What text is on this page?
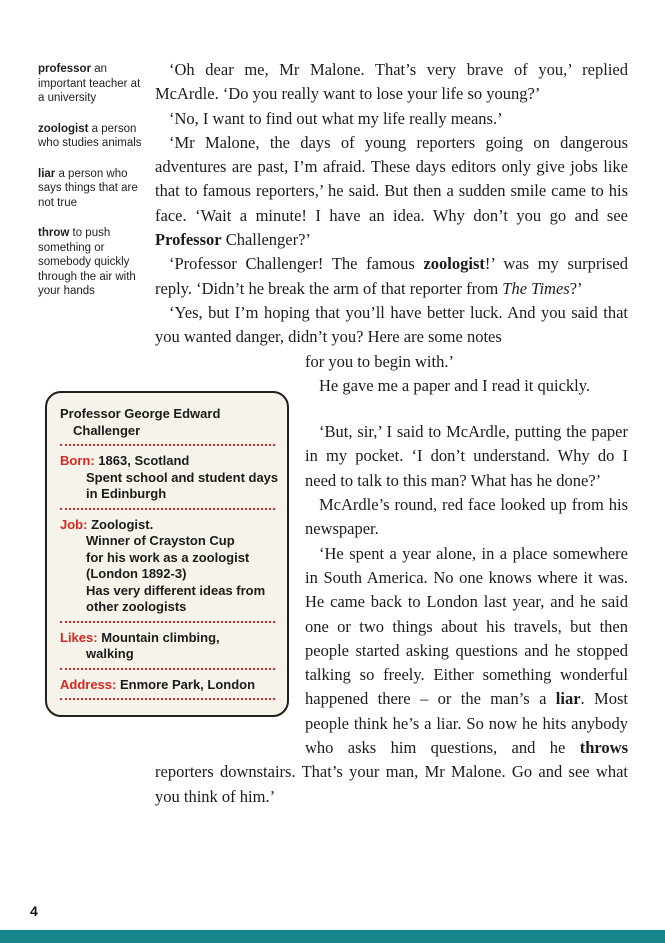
professor an important teacher at a university
zoologist a person who studies animals
liar a person who says things that are not true
throw to push something or somebody quickly through the air with your hands

‘Oh dear me, Mr Malone. That’s very brave of you,’ replied McArdle. ‘Do you really want to lose your life so young?’

‘No, I want to find out what my life really means.’

‘Mr Malone, the days of young reporters going on dangerous adventures are past, I’m afraid. These days editors only give jobs like that to famous reporters,’ he said. But then a sudden smile came to his face. ‘Wait a minute! I have an idea. Why don’t you go and see Professor Challenger?’

‘Professor Challenger! The famous zoologist!’ was my surprised reply. ‘Didn’t he break the arm of that reporter from The Times?’

‘Yes, but I’m hoping that you’ll have better luck. And you said that you wanted danger, didn’t you? Here are some notes

for you to begin with.’

He gave me a paper and I read it quickly.

‘But, sir,’ I said to McArdle, putting the paper in my pocket. ‘I don’t understand. Why do I need to talk to this man? What has he done?’

McArdle’s round, red face looked up from his newspaper.

‘He spent a year alone, in a place somewhere in South America. No one knows where it was. He came back to London last year, and he said one or two things about his travels, but then people started asking questions and he stopped talking so freely. Either something wonderful happened there – or the man’s a liar. Most people think he’s a liar. So now he hits anybody who asks him questions, and he throws reporters downstairs. That’s your man, Mr Malone. Go and see what you think of him.’

Professor George Edward
Challenger
Born: 1863, Scotland
Spent school and student days
in Edinburgh
Job: Zoologist.
Winner of Crayston Cup
for his work as a zoologist
(London 1892-3)
Has very different ideas from
other zoologists
Likes: Mountain climbing,
walking
Address: Enmore Park, London
4
